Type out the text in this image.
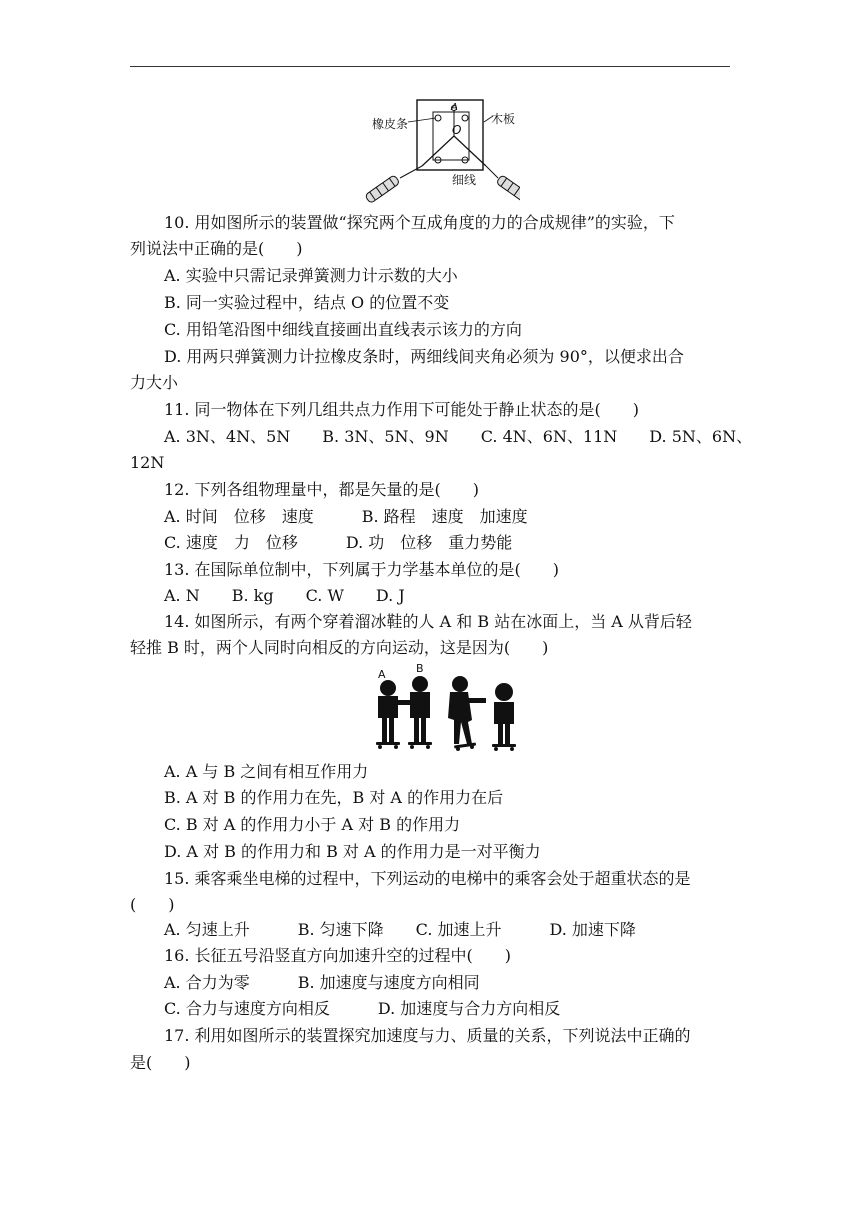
橡皮条	木板
细线
A
O
A	B
10. 用如图所示的装置做“探究两个互成角度的力的合成规律”的实验，下
列说法中正确的是(　　)
A. 实验中只需记录弹簧测力计示数的大小
B. 同一实验过程中，结点 O 的位置不变
C. 用铅笔沿图中细线直接画出直线表示该力的方向
D. 用两只弹簧测力计拉橡皮条时，两细线间夹角必须为 90°，以便求出合
力大小
11. 同一物体在下列几组共点力作用下可能处于静止状态的是(　　)
A. 3N、4N、5N　　B. 3N、5N、9N　　C. 4N、6N、11N　　D. 5N、6N、
12N
12. 下列各组物理量中，都是矢量的是(　　)
A. 时间　位移　速度　　　B. 路程　速度　加速度
C. 速度　力　位移　　　D. 功　位移　重力势能
13. 在国际单位制中，下列属于力学基本单位的是(　　)
A. N　　B. kg　　C. W　　D. J
14. 如图所示，有两个穿着溜冰鞋的人 A 和 B 站在冰面上，当 A 从背后轻
轻推 B 时，两个人同时向相反的方向运动，这是因为(　　)
A. A 与 B 之间有相互作用力
B. A 对 B 的作用力在先，B 对 A 的作用力在后
C. B 对 A 的作用力小于 A 对 B 的作用力
D. A 对 B 的作用力和 B 对 A 的作用力是一对平衡力
15. 乘客乘坐电梯的过程中，下列运动的电梯中的乘客会处于超重状态的是
(　　)
A. 匀速上升　　　B. 匀速下降　　C. 加速上升　　　D. 加速下降
16. 长征五号沿竖直方向加速升空的过程中(　　)
A. 合力为零　　　B. 加速度与速度方向相同
C. 合力与速度方向相反　　　D. 加速度与合力方向相反
17. 利用如图所示的装置探究加速度与力、质量的关系，下列说法中正确的
是(　　)
